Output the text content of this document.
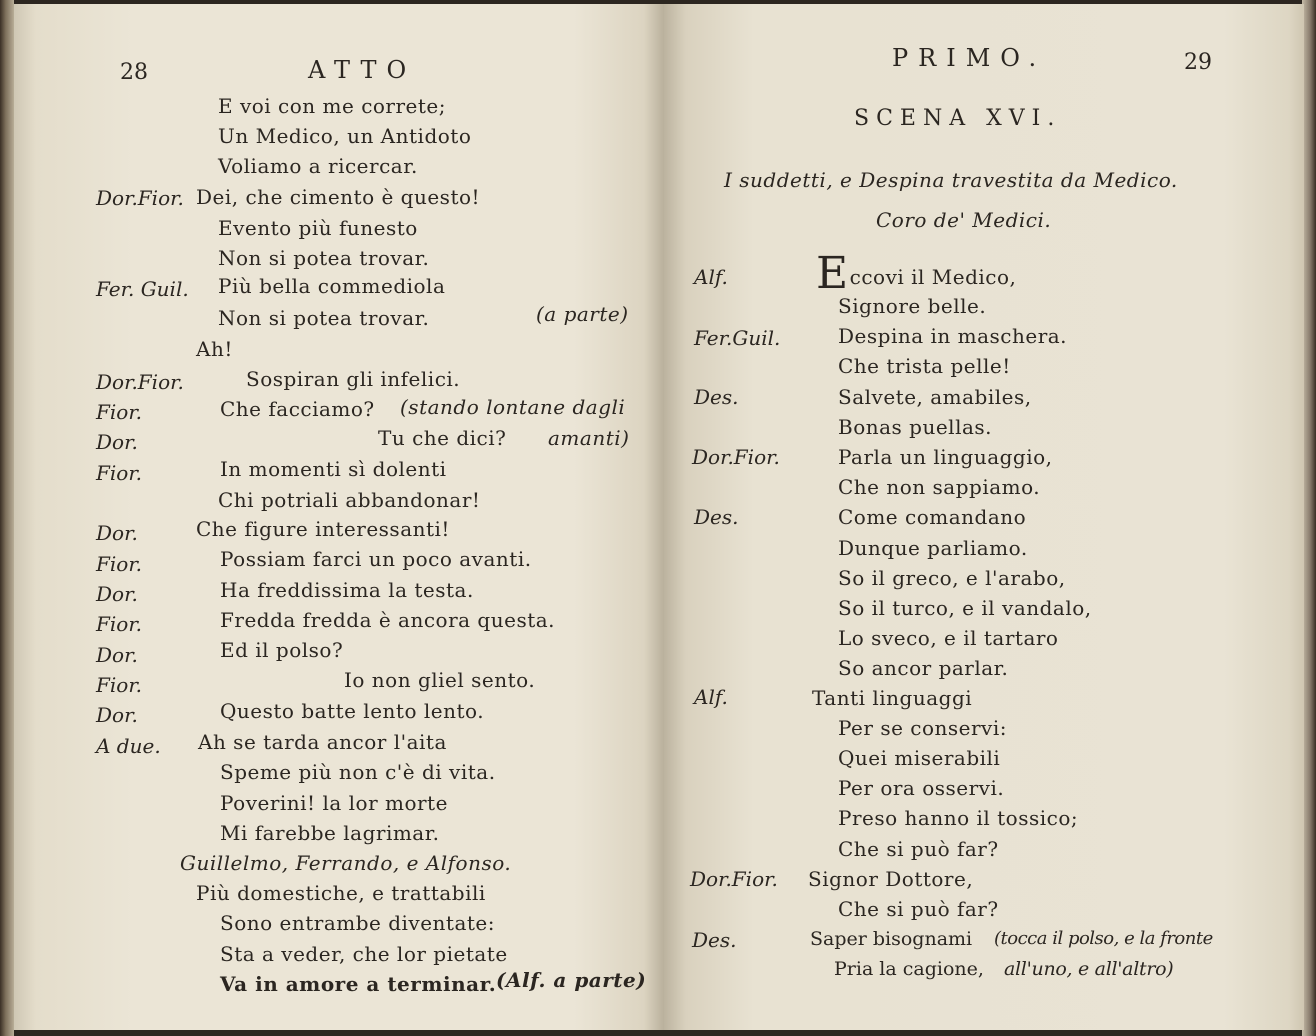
28	ATTO
E voi con me correte;
Un Medico, un Antidoto
Voliamo a ricercar.
Dor.Fior. Dei, che cimento è questo!
Evento più funesto
Non si potea trovar.
Fer. Guil. Più bella commediola
Non si potea trovar.	(a parte)
Ah!
Dor.Fior.	Sospiran gli infelici.
Fior.	Che facciamo? (stando lontane dagli
Dor.	Tu che dici? amanti)
Fior.	In momenti sì dolenti
Chi potriali abbandonar!
Dor.	Che figure interessanti!
Fior.	Possiam farci un poco avanti.
Dor.	Ha freddissima la testa.
Fior.	Fredda fredda è ancora questa.
Dor.	Ed il polso?
Fior.	Io non gliel sento.
Dor.	Questo batte lento lento.
A due. Ah se tarda ancor l'aita
Speme più non c'è di vita.
Poverini! la lor morte
Mi farebbe lagrimar.
Guillelmo, Ferrando, e Alfonso.
Più domestiche, e trattabili
Sono entrambe diventate:
Sta a veder, che lor pietate
Va in amore a terminar. (Alf. a parte)
PRIMO.	29
SCENA XVI.
I suddetti, e Despina travestita da Medico.
Coro de' Medici.
Alf. Eccovi il Medico,
Signore belle.
Fer.Guil.	Despina in maschera.
Che trista pelle!
Des.	Salvete, amabiles,
Bonas puellas.
Dor.Fior.	Parla un linguaggio,
Che non sappiamo.
Des.	Come comandano
Dunque parliamo.
So il greco, e l'arabo,
So il turco, e il vandalo,
Lo sveco, e il tartaro
So ancor parlar.
Alf.	Tanti linguaggi
Per se conservi:
Quei miserabili
Per ora osservi.
Preso hanno il tossico;
Che si può far?
Dor.Fior. Signor Dottore,
Che si può far?
Des.	Saper bisognami (tocca il polso, e la fronte
Pria la cagione, all'uno, e all'altro)
